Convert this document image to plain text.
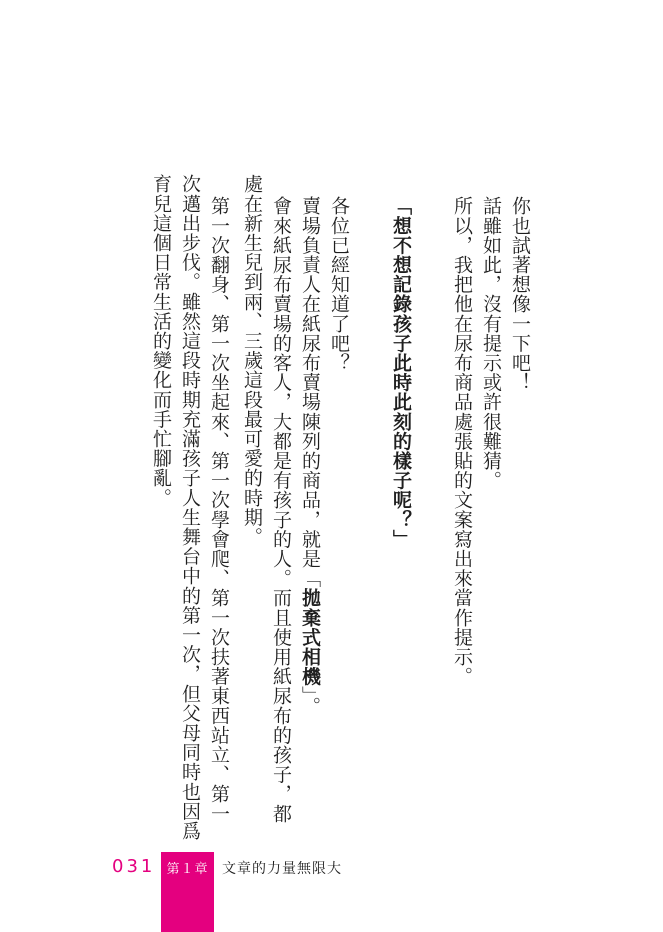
你也試著想像一下吧！
話雖如此，沒有提示或許很難猜。
所以，我把他在尿布商品處張貼的文案寫出來當作提示。
「想不想記錄孩子此時此刻的樣子呢？」
各位已經知道了吧？
賣場負責人在紙尿布賣場陳列的商品，就是「拋棄式相機」。
會來紙尿布賣場的客人，大都是有孩子的人。而且使用紙尿布的孩子，都
處在新生兒到兩、三歲這段最可愛的時期。
第一次翻身、第一次坐起來、第一次學會爬、第一次扶著東西站立、第一
次邁出步伐。雖然這段時期充滿孩子人生舞台中的第一次，但父母同時也因爲
育兒這個日常生活的變化而手忙腳亂。
031 第１章 文章的力量無限大
